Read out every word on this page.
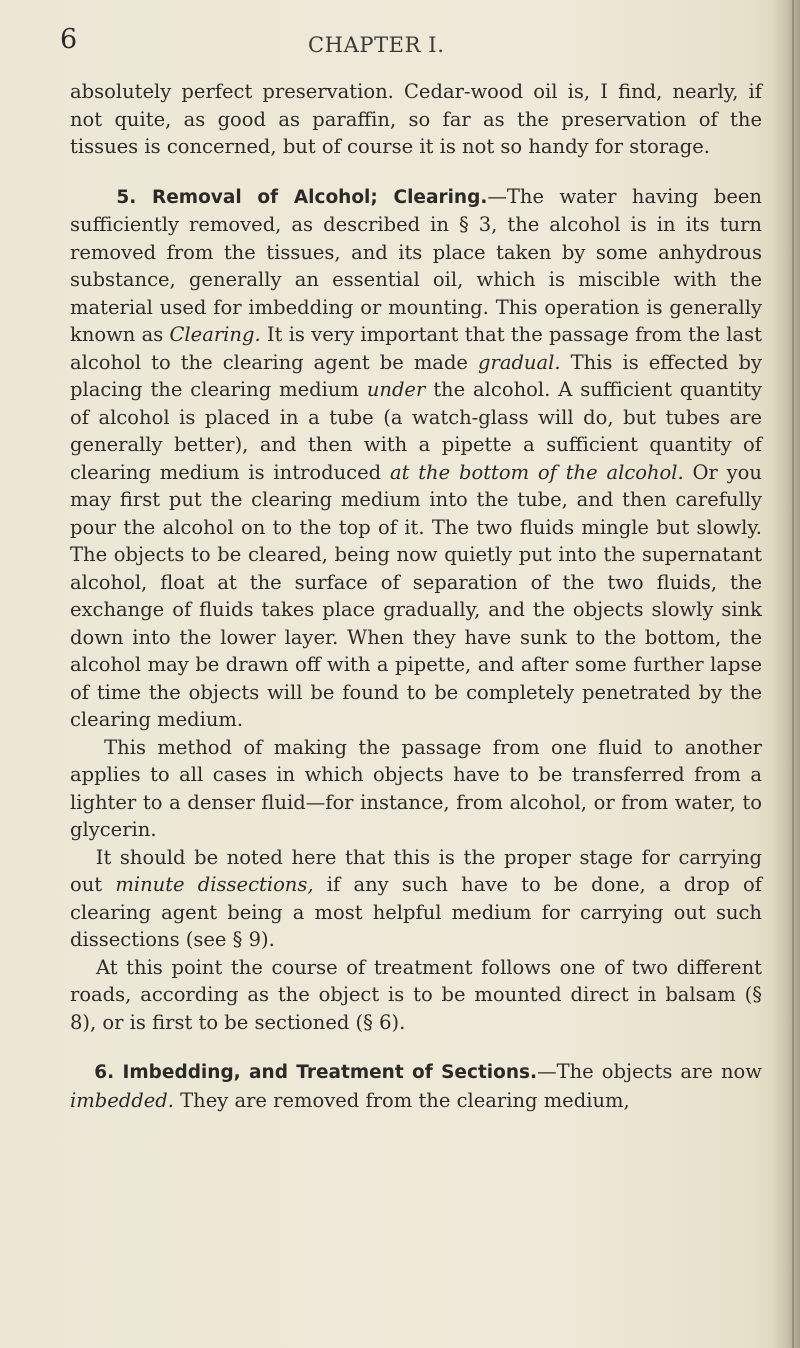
6	CHAPTER I.

absolutely perfect preservation. Cedar-wood oil is, I find, nearly, if not quite, as good as paraffin, so far as the preservation of the tissues is concerned, but of course it is not so handy for storage.

5. Removal of Alcohol; Clearing.—The water having been sufficiently removed, as described in § 3, the alcohol is in its turn removed from the tissues, and its place taken by some anhydrous substance, generally an essential oil, which is miscible with the material used for imbedding or mounting. This operation is generally known as Clearing. It is very important that the passage from the last alcohol to the clearing agent be made gradual. This is effected by placing the clearing medium under the alcohol. A sufficient quantity of alcohol is placed in a tube (a watch-glass will do, but tubes are generally better), and then with a pipette a sufficient quantity of clearing medium is introduced at the bottom of the alcohol. Or you may first put the clearing medium into the tube, and then carefully pour the alcohol on to the top of it. The two fluids mingle but slowly. The objects to be cleared, being now quietly put into the supernatant alcohol, float at the surface of separation of the two fluids, the exchange of fluids takes place gradually, and the objects slowly sink down into the lower layer. When they have sunk to the bottom, the alcohol may be drawn off with a pipette, and after some further lapse of time the objects will be found to be completely penetrated by the clearing medium.

This method of making the passage from one fluid to another applies to all cases in which objects have to be transferred from a lighter to a denser fluid—for instance, from alcohol, or from water, to glycerin.

It should be noted here that this is the proper stage for carrying out minute dissections, if any such have to be done, a drop of clearing agent being a most helpful medium for carrying out such dissections (see § 9).

At this point the course of treatment follows one of two different roads, according as the object is to be mounted direct in balsam (§ 8), or is first to be sectioned (§ 6).

6. Imbedding, and Treatment of Sections.—The objects are now imbedded. They are removed from the clearing medium,
